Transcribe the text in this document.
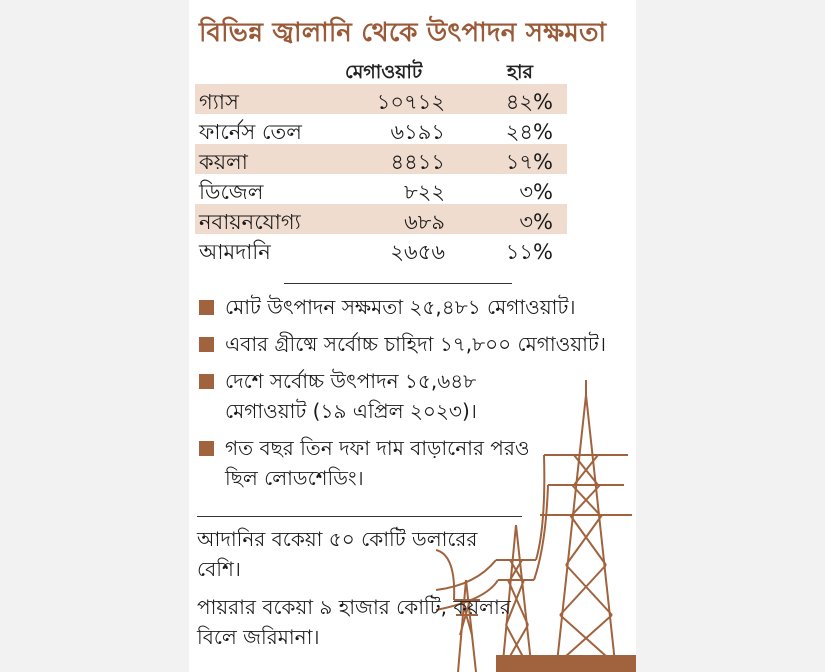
বিভিন্ন জ্বালানি থেকে উৎপাদন সক্ষমতা
মেগাওয়াট	হার
গ্যাস	১০৭১২	৪২%
ফার্নেস তেল	৬১৯১	২৪%
কয়লা	৪৪১১	১৭%
ডিজেল	৮২২	৩%
নবায়নযোগ্য	৬৮৯	৩%
আমদানি	২৬৫৬	১১%
মোট উৎপাদন সক্ষমতা ২৫,৪৮১ মেগাওয়াট।
এবার গ্রীষ্মে সর্বোচ্চ চাহিদা ১৭,৮০০ মেগাওয়াট।
দেশে সর্বোচ্চ উৎপাদন ১৫,৬৪৮ মেগাওয়াট (১৯ এপ্রিল ২০২৩)।
গত বছর তিন দফা দাম বাড়ানোর পরও ছিল লোডশেডিং।
আদানির বকেয়া ৫০ কোটি ডলারের বেশি।
পায়রার বকেয়া ৯ হাজার কোটি, কয়লার বিলে জরিমানা।
